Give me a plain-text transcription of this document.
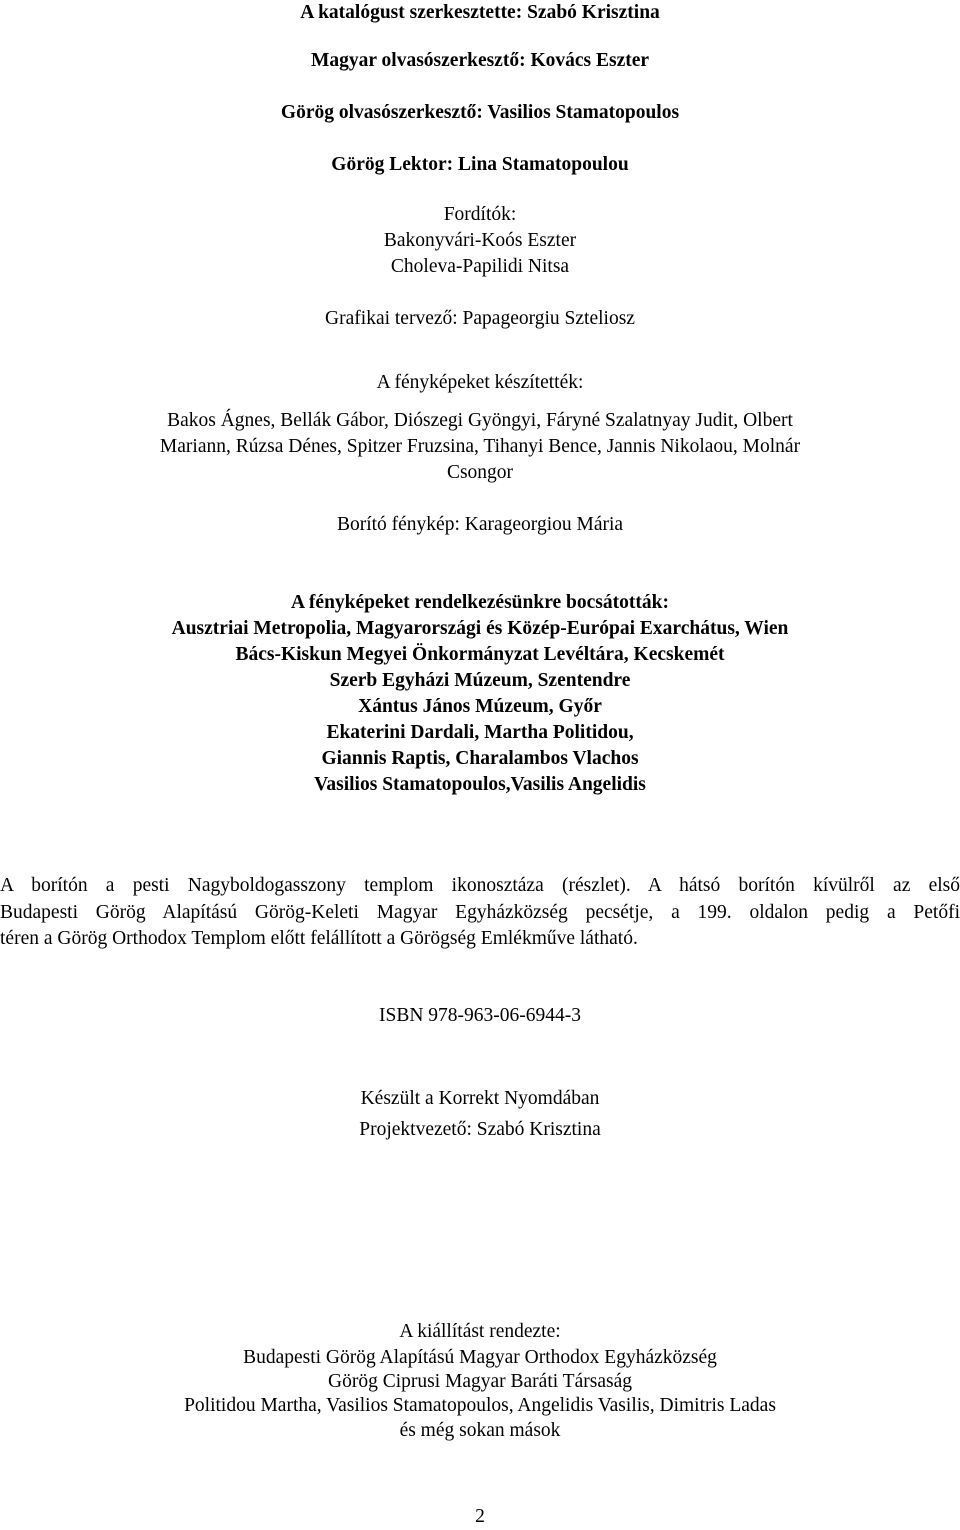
A katalógust szerkesztette: Szabó Krisztina
Magyar olvasószerkesztő: Kovács Eszter
Görög olvasószerkesztő: Vasilios Stamatopoulos
Görög Lektor: Lina Stamatopoulou
Fordítók:
Bakonyvári-Koós Eszter
Choleva-Papilidi Nitsa
Grafikai tervező: Papageorgiu Szteliosz
A fényképeket készítették:
Bakos Ágnes, Bellák Gábor, Diószegi Gyöngyi, Fáryné Szalatnyay Judit, Olbert
Mariann, Rúzsa Dénes, Spitzer Fruzsina, Tihanyi Bence, Jannis Nikolaou, Molnár
Csongor
Borító fénykép: Karageorgiou Mária
A fényképeket rendelkezésünkre bocsátották:
Ausztriai Metropolia, Magyarországi és Közép-Európai Exarchátus, Wien
Bács-Kiskun Megyei Önkormányzat Levéltára, Kecskemét
Szerb Egyházi Múzeum, Szentendre
Xántus János Múzeum, Győr
Ekaterini Dardali, Martha Politidou,
Giannis Raptis, Charalambos Vlachos
Vasilios Stamatopoulos,Vasilis Angelidis
A borítón a pesti Nagyboldogasszony templom ikonosztáza (részlet). A hátsó borítón kívülről az első
Budapesti Görög Alapítású Görög-Keleti Magyar Egyházközség pecsétje, a 199. oldalon pedig a Petőfi
téren a Görög Orthodox Templom előtt felállított a Görögség Emlékműve látható.
ISBN 978-963-06-6944-3
Készült a Korrekt Nyomdában
Projektvezető: Szabó Krisztina
A kiállítást rendezte:
Budapesti Görög Alapítású Magyar Orthodox Egyházközség
Görög Ciprusi Magyar Baráti Társaság
Politidou Martha, Vasilios Stamatopoulos, Angelidis Vasilis, Dimitris Ladas
és még sokan mások
2
